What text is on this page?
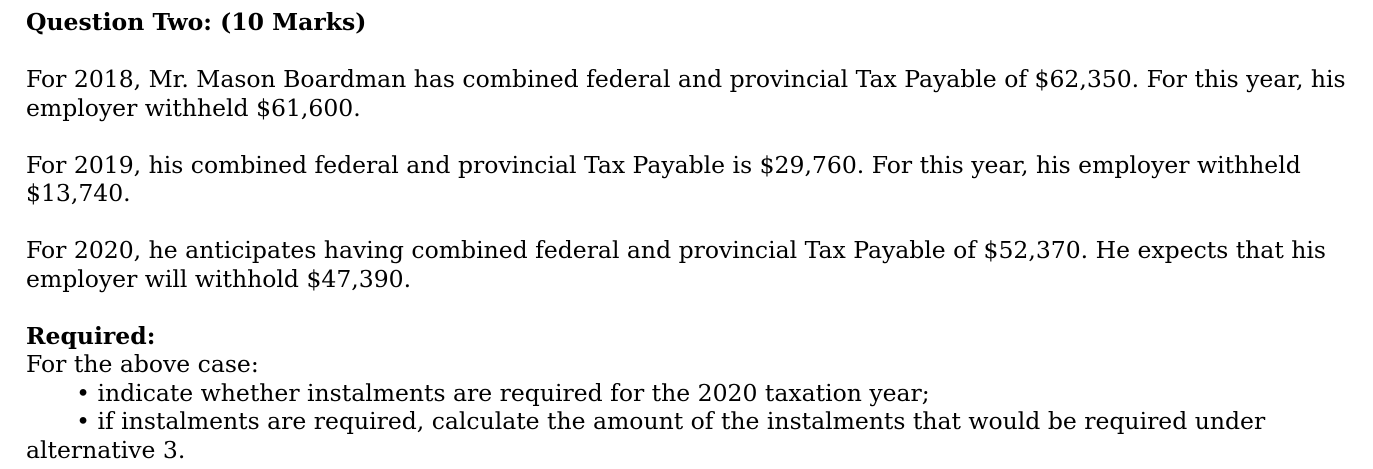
Question Two: (10 Marks)

For 2018, Mr. Mason Boardman has combined federal and provincial Tax Payable of $62,350. For this year, his employer withheld $61,600.

For 2019, his combined federal and provincial Tax Payable is $29,760. For this year, his employer withheld $13,740.

For 2020, he anticipates having combined federal and provincial Tax Payable of $52,370. He expects that his employer will withhold $47,390.

Required:

For the above case:

• indicate whether instalments are required for the 2020 taxation year;

• if instalments are required, calculate the amount of the instalments that would be required under alternative 3.
